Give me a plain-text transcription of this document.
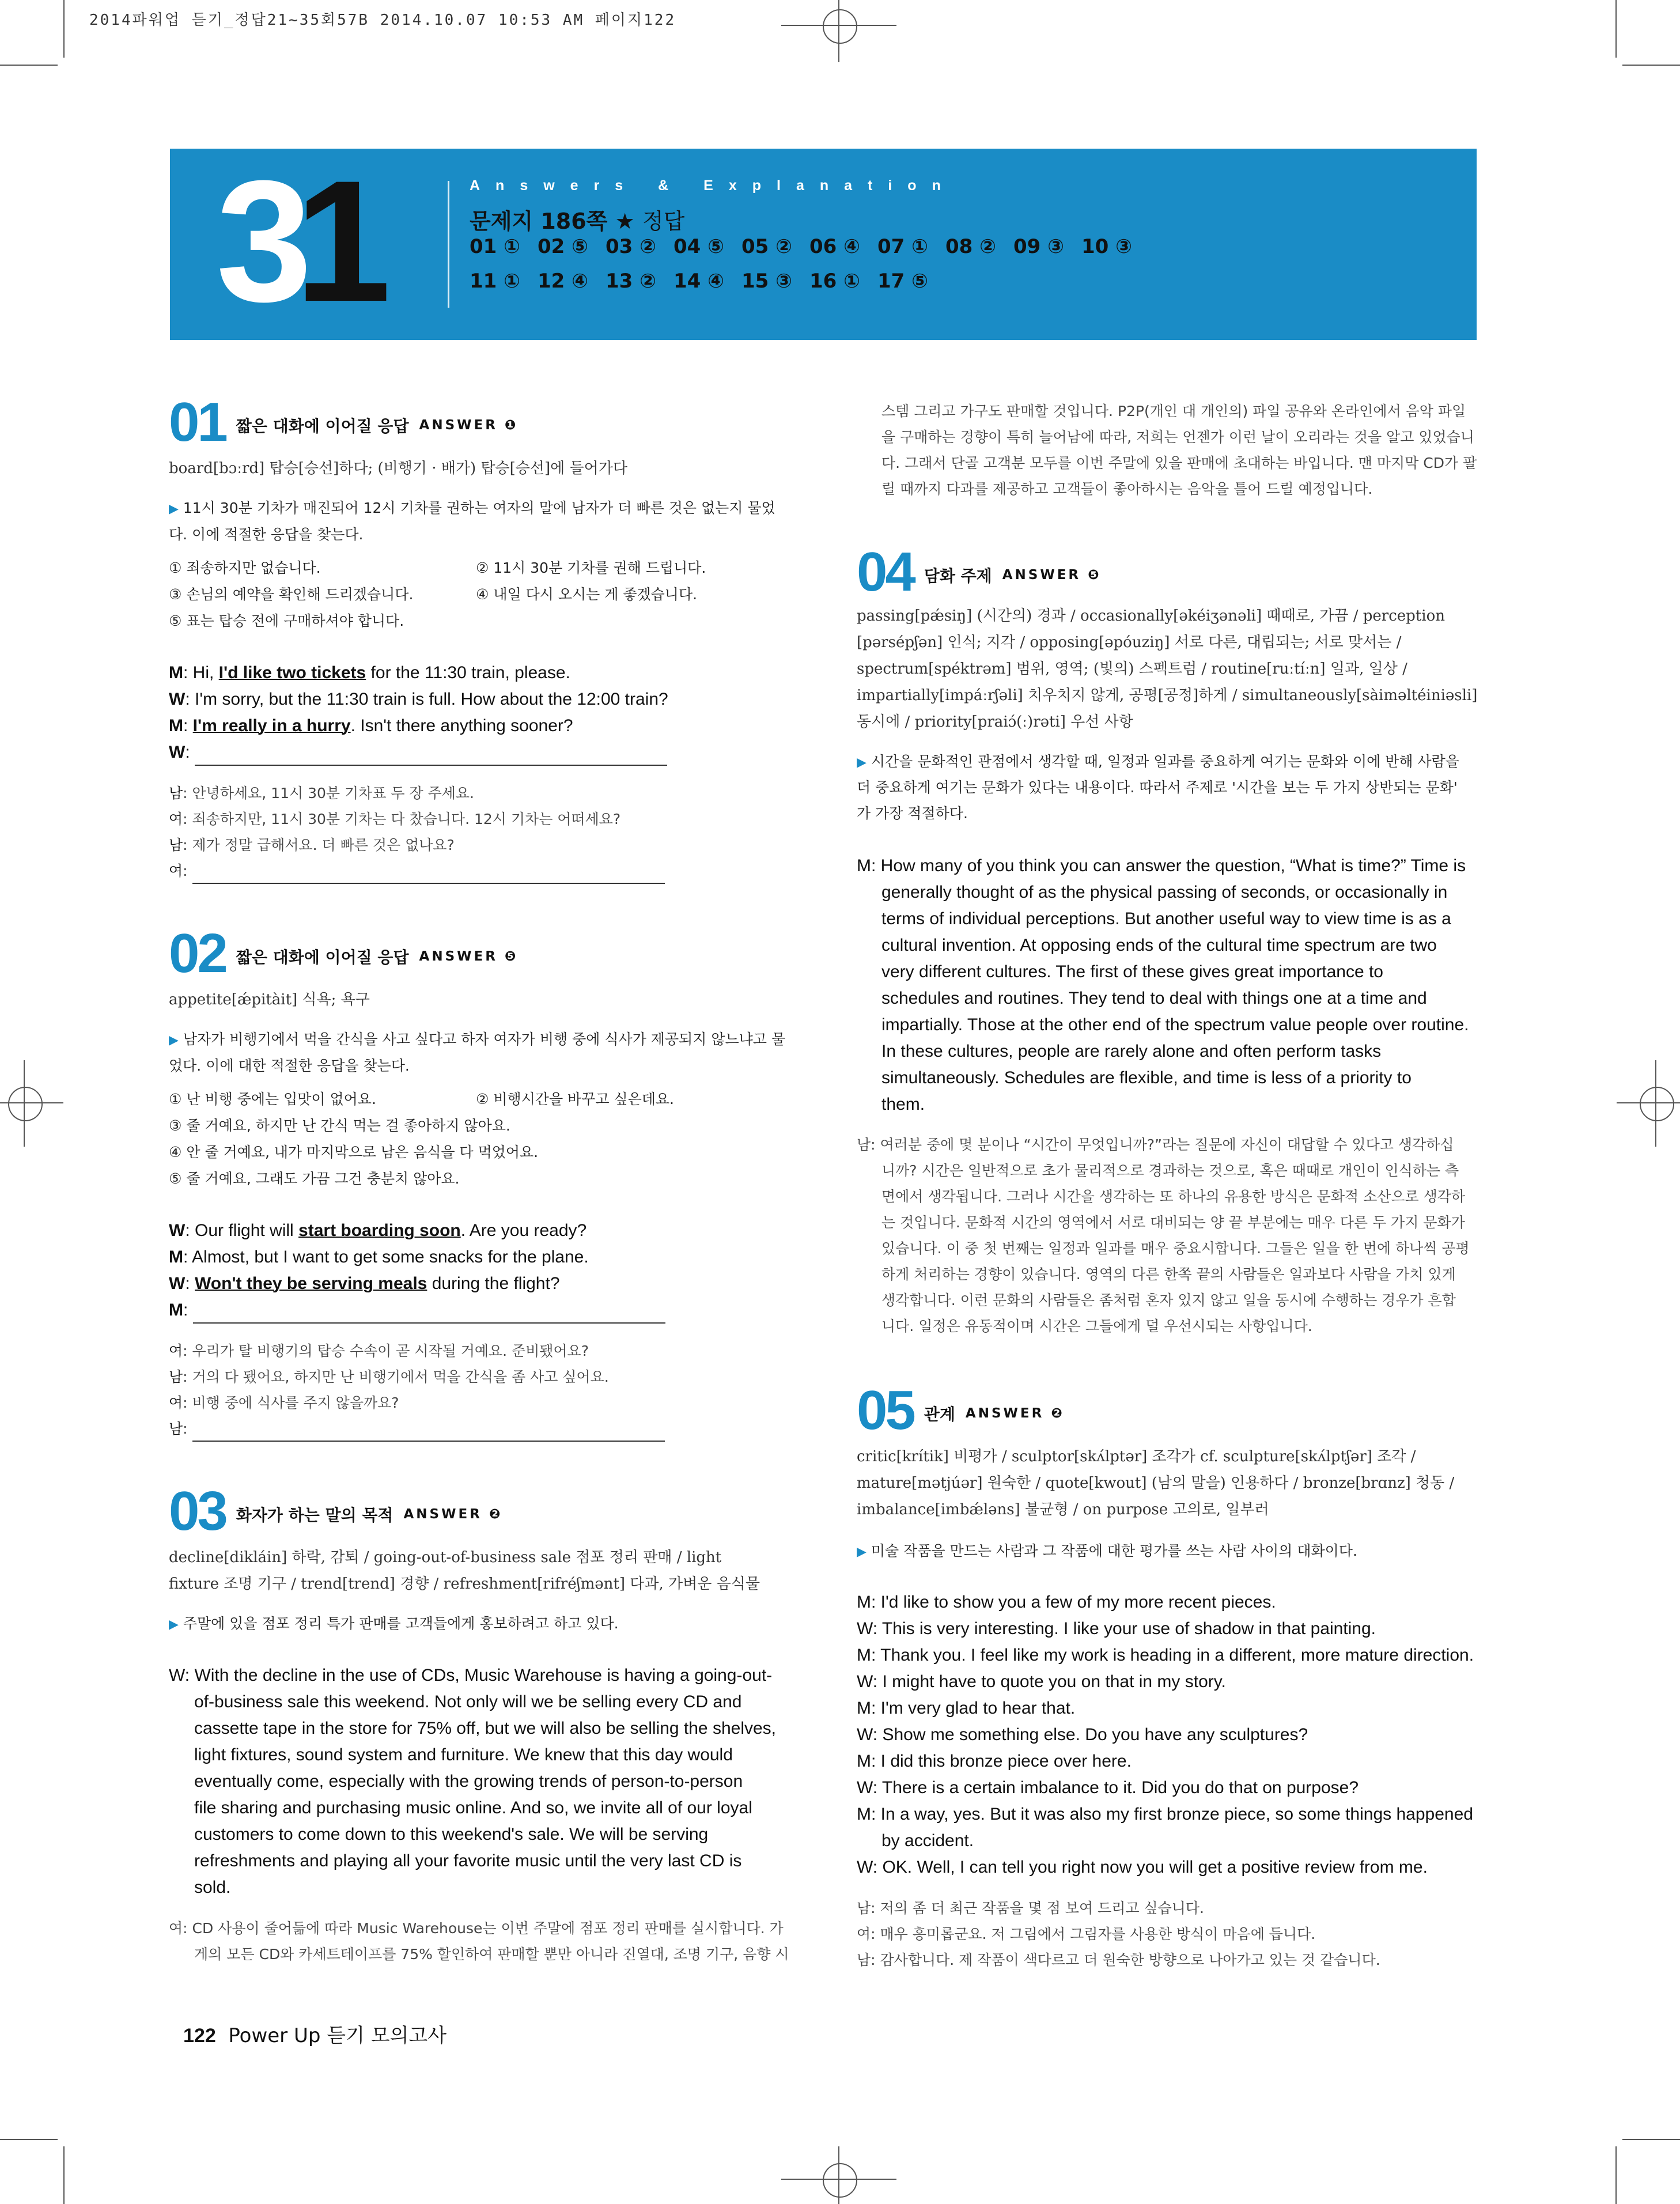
2014파워업 듣기_정답21~35회57B 2014.10.07 10:53 AM 페이지122
31	Answers & Explanation
문제지 186쪽 ★ 정답
01 ① 02 ⑤ 03 ② 04 ⑤ 05 ② 06 ④ 07 ① 08 ② 09 ③ 10 ③
11 ① 12 ④ 13 ② 14 ④ 15 ③ 16 ① 17 ⑤
01 짧은 대화에 이어질 응답 ANSWER ❶
board[bɔːrd] 탑승[승선]하다; (비행기 · 배가) 탑승[승선]에 들어가다
▶ 11시 30분 기차가 매진되어 12시 기차를 권하는 여자의 말에 남자가 더 빠른 것은 없는지 물었다. 이에 적절한 응답을 찾는다.
① 죄송하지만 없습니다.	② 11시 30분 기차를 권해 드립니다.
③ 손님의 예약을 확인해 드리겠습니다.	④ 내일 다시 오시는 게 좋겠습니다.
⑤ 표는 탑승 전에 구매하셔야 합니다.
M: Hi, I'd like two tickets for the 11:30 train, please.
W: I'm sorry, but the 11:30 train is full. How about the 12:00 train?
M: I'm really in a hurry. Isn't there anything sooner?
W:
남: 안녕하세요, 11시 30분 기차표 두 장 주세요.
여: 죄송하지만, 11시 30분 기차는 다 찼습니다. 12시 기차는 어떠세요?
남: 제가 정말 급해서요. 더 빠른 것은 없나요?
여:
02 짧은 대화에 이어질 응답 ANSWER ❺
appetite[ǽpitàit] 식욕; 욕구
▶ 남자가 비행기에서 먹을 간식을 사고 싶다고 하자 여자가 비행 중에 식사가 제공되지 않느냐고 물었다. 이에 대한 적절한 응답을 찾는다.
① 난 비행 중에는 입맛이 없어요.	② 비행시간을 바꾸고 싶은데요.
③ 줄 거예요, 하지만 난 간식 먹는 걸 좋아하지 않아요.
④ 안 줄 거예요, 내가 마지막으로 남은 음식을 다 먹었어요.
⑤ 줄 거예요, 그래도 가끔 그건 충분치 않아요.
W: Our flight will start boarding soon. Are you ready?
M: Almost, but I want to get some snacks for the plane.
W: Won't they be serving meals during the flight?
M:
여: 우리가 탈 비행기의 탑승 수속이 곧 시작될 거예요. 준비됐어요?
남: 거의 다 됐어요, 하지만 난 비행기에서 먹을 간식을 좀 사고 싶어요.
여: 비행 중에 식사를 주지 않을까요?
남:
03 화자가 하는 말의 목적 ANSWER ❷
decline[dikláin] 하락, 감퇴 / going-out-of-business sale 점포 정리 판매 / light
fixture 조명 기구 / trend[trend] 경향 / refreshment[rifréʃmənt] 다과, 가벼운 음식물
▶ 주말에 있을 점포 정리 특가 판매를 고객들에게 홍보하려고 하고 있다.
W: With the decline in the use of CDs, Music Warehouse is having a going-out-
of-business sale this weekend. Not only will we be selling every CD and
cassette tape in the store for 75% off, but we will also be selling the shelves,
light fixtures, sound system and furniture. We knew that this day would
eventually come, especially with the growing trends of person-to-person
file sharing and purchasing music online. And so, we invite all of our loyal
customers to come down to this weekend's sale. We will be serving
refreshments and playing all your favorite music until the very last CD is
sold.
여: CD 사용이 줄어듦에 따라 Music Warehouse는 이번 주말에 점포 정리 판매를 실시합니다. 가
게의 모든 CD와 카세트테이프를 75% 할인하여 판매할 뿐만 아니라 진열대, 조명 기구, 음향 시
122 Power Up 듣기 모의고사
스템 그리고 가구도 판매할 것입니다. P2P(개인 대 개인의) 파일 공유와 온라인에서 음악 파일
을 구매하는 경향이 특히 늘어남에 따라, 저희는 언젠가 이런 날이 오리라는 것을 알고 있었습니
다. 그래서 단골 고객분 모두를 이번 주말에 있을 판매에 초대하는 바입니다. 맨 마지막 CD가 팔
릴 때까지 다과를 제공하고 고객들이 좋아하시는 음악을 틀어 드릴 예정입니다.
04 담화 주제 ANSWER ❺
passing[pǽsiŋ] (시간의) 경과 / occasionally[əkéiʒənəli] 때때로, 가끔 / perception
[pərsépʃən] 인식; 지각 / opposing[əpóuziŋ] 서로 다른, 대립되는; 서로 맞서는 /
spectrum[spéktrəm] 범위, 영역; (빛의) 스펙트럼 / routine[ruːtíːn] 일과, 일상 /
impartially[impáːrʃəli] 치우치지 않게, 공평[공정]하게 / simultaneously[sàiməltéiniəsli]
동시에 / priority[praiɔ́(ː)rəti] 우선 사항
▶ 시간을 문화적인 관점에서 생각할 때, 일정과 일과를 중요하게 여기는 문화와 이에 반해 사람을
더 중요하게 여기는 문화가 있다는 내용이다. 따라서 주제로 '시간을 보는 두 가지 상반되는 문화'
가 가장 적절하다.
M: How many of you think you can answer the question, “What is time?” Time is
generally thought of as the physical passing of seconds, or occasionally in
terms of individual perceptions. But another useful way to view time is as a
cultural invention. At opposing ends of the cultural time spectrum are two
very different cultures. The first of these gives great importance to
schedules and routines. They tend to deal with things one at a time and
impartially. Those at the other end of the spectrum value people over routine.
In these cultures, people are rarely alone and often perform tasks
simultaneously. Schedules are flexible, and time is less of a priority to
them.
남: 여러분 중에 몇 분이나 “시간이 무엇입니까?”라는 질문에 자신이 대답할 수 있다고 생각하십
니까? 시간은 일반적으로 초가 물리적으로 경과하는 것으로, 혹은 때때로 개인이 인식하는 측
면에서 생각됩니다. 그러나 시간을 생각하는 또 하나의 유용한 방식은 문화적 소산으로 생각하
는 것입니다. 문화적 시간의 영역에서 서로 대비되는 양 끝 부분에는 매우 다른 두 가지 문화가
있습니다. 이 중 첫 번째는 일정과 일과를 매우 중요시합니다. 그들은 일을 한 번에 하나씩 공평
하게 처리하는 경향이 있습니다. 영역의 다른 한쪽 끝의 사람들은 일과보다 사람을 가치 있게
생각합니다. 이런 문화의 사람들은 좀처럼 혼자 있지 않고 일을 동시에 수행하는 경우가 흔합
니다. 일정은 유동적이며 시간은 그들에게 덜 우선시되는 사항입니다.
05 관계 ANSWER ❷
critic[krítik] 비평가 / sculptor[skʌ́lptər] 조각가 cf. sculpture[skʌ́lptʃər] 조각 /
mature[mətjúər] 원숙한 / quote[kwout] (남의 말을) 인용하다 / bronze[brɑnz] 청동 /
imbalance[imbǽləns] 불균형 / on purpose 고의로, 일부러
▶ 미술 작품을 만드는 사람과 그 작품에 대한 평가를 쓰는 사람 사이의 대화이다.
M: I'd like to show you a few of my more recent pieces.
W: This is very interesting. I like your use of shadow in that painting.
M: Thank you. I feel like my work is heading in a different, more mature direction.
W: I might have to quote you on that in my story.
M: I'm very glad to hear that.
W: Show me something else. Do you have any sculptures?
M: I did this bronze piece over here.
W: There is a certain imbalance to it. Did you do that on purpose?
M: In a way, yes. But it was also my first bronze piece, so some things happened
by accident.
W: OK. Well, I can tell you right now you will get a positive review from me.
남: 저의 좀 더 최근 작품을 몇 점 보여 드리고 싶습니다.
여: 매우 흥미롭군요. 저 그림에서 그림자를 사용한 방식이 마음에 듭니다.
남: 감사합니다. 제 작품이 색다르고 더 원숙한 방향으로 나아가고 있는 것 같습니다.
